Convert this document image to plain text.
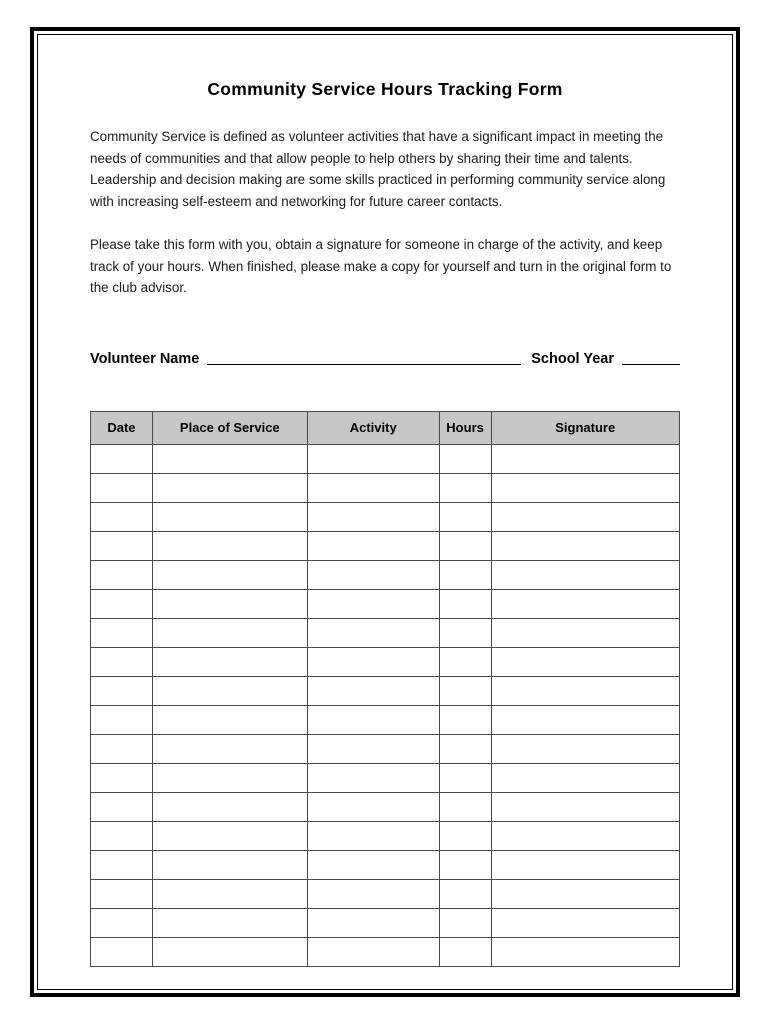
Community Service Hours Tracking Form

Community Service is defined as volunteer activities that have a significant impact in meeting the needs of communities and that allow people to help others by sharing their time and talents. Leadership and decision making are some skills practiced in performing community service along with increasing self-esteem and networking for future career contacts.

Please take this form with you, obtain a signature for someone in charge of the activity, and keep track of your hours. When finished, please make a copy for yourself and turn in the original form to the club advisor.

Volunteer Name	School Year
Date	Place of Service	Activity	Hours	Signature
